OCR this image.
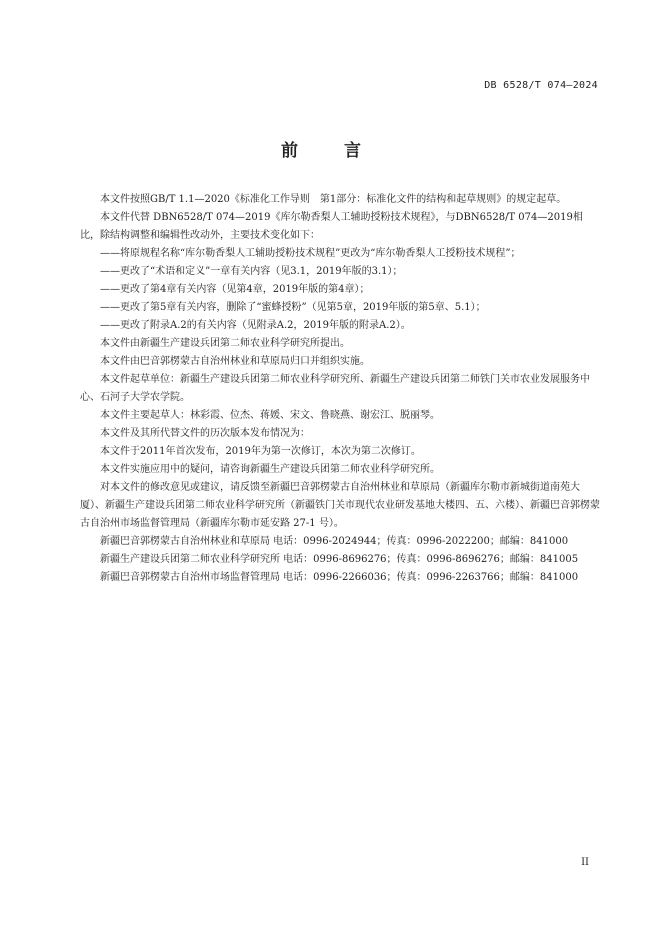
DB 6528/T 074—2024
前 言

本文件按照GB/T 1.1—2020《标准化工作导则　第1部分：标准化文件的结构和起草规则》的规定起草。

本文件代替 DBN6528/T 074—2019《库尔勒香梨人工辅助授粉技术规程》，与DBN6528/T 074—2019相比，除结构调整和编辑性改动外，主要技术变化如下：

——将原规程名称“库尔勒香梨人工辅助授粉技术规程”更改为“库尔勒香梨人工授粉技术规程”；

——更改了“术语和定义”一章有关内容（见3.1，2019年版的3.1）；

——更改了第4章有关内容（见第4章，2019年版的第4章）；

——更改了第5章有关内容，删除了“蜜蜂授粉”（见第5章，2019年版的第5章、5.1）；

——更改了附录A.2的有关内容（见附录A.2，2019年版的附录A.2）。

本文件由新疆生产建设兵团第二师农业科学研究所提出。

本文件由巴音郭楞蒙古自治州林业和草原局归口并组织实施。

本文件起草单位：新疆生产建设兵团第二师农业科学研究所、新疆生产建设兵团第二师铁门关市农业发展服务中心、石河子大学农学院。

本文件主要起草人：林彩霞、位杰、蒋媛、宋文、鲁晓燕、谢宏江、脱丽琴。

本文件及其所代替文件的历次版本发布情况为：

本文件于2011年首次发布，2019年为第一次修订，本次为第二次修订。

本文件实施应用中的疑问，请咨询新疆生产建设兵团第二师农业科学研究所。

对本文件的修改意见或建议，请反馈至新疆巴音郭楞蒙古自治州林业和草原局（新疆库尔勒市新城街道南苑大厦）、新疆生产建设兵团第二师农业科学研究所（新疆铁门关市现代农业研发基地大楼四、五、六楼）、新疆巴音郭楞蒙古自治州市场监督管理局（新疆库尔勒市延安路 27-1 号）。

新疆巴音郭楞蒙古自治州林业和草原局 电话：0996-2024944；传真：0996-2022200；邮编：841000

新疆生产建设兵团第二师农业科学研究所 电话：0996-8696276；传真：0996-8696276；邮编：841005

新疆巴音郭楞蒙古自治州市场监督管理局 电话：0996-2266036；传真：0996-2263766；邮编：841000

II
